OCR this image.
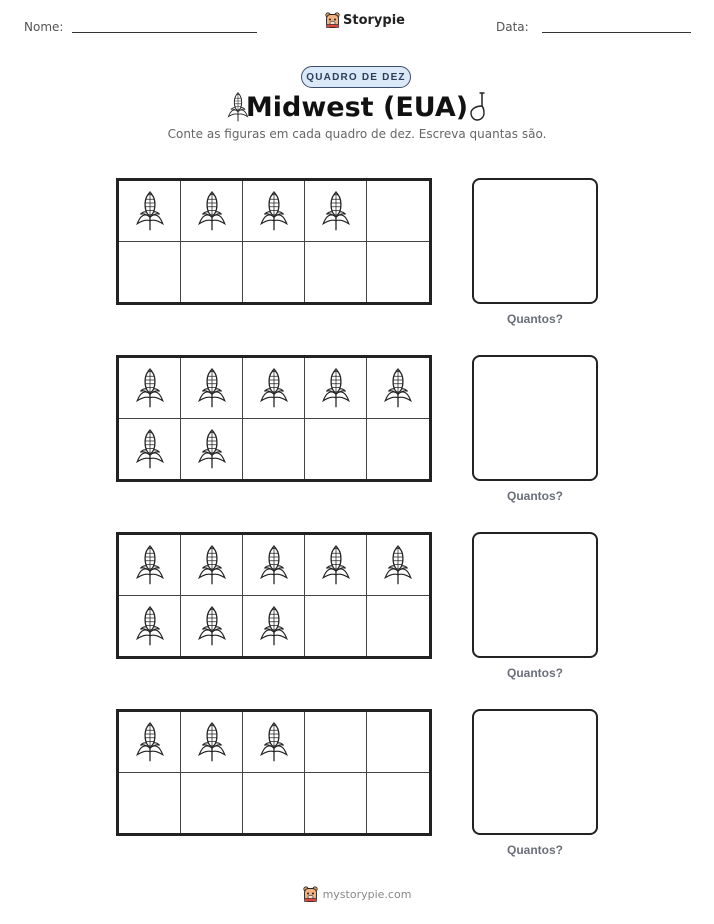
Nome:	Storypie	Data:
QUADRO DE DEZ
Midwest (EUA)
Conte as figuras em cada quadro de dez. Escreva quantas são.
Quantos?
Quantos?
Quantos?
Quantos?
mystorypie.com
